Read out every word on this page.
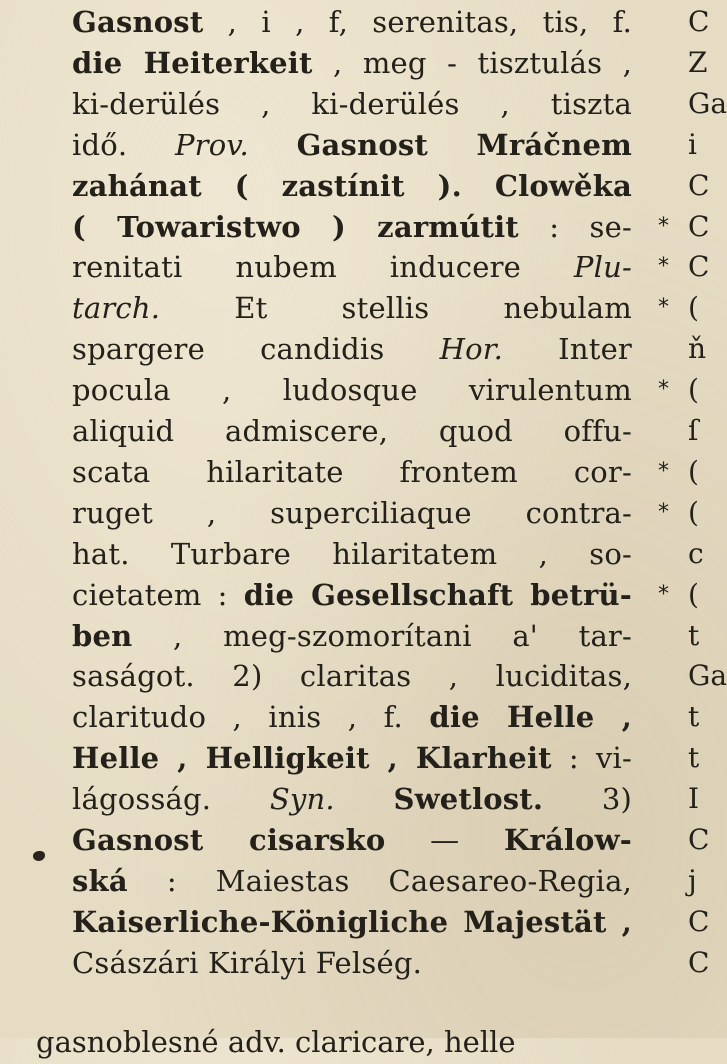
Gasnost , i , f, serenitas, tis, f.
die Heiterkeit , meg - tisztulás ,
ki-derülés , ki-derülés , tiszta
idő. Prov. Gasnost Mráčnem
zahánat ( zastínit ). Clowěka
( Towaristwo ) zarmútit : se-
renitati nubem inducere Plu-
tarch. Et stellis nebulam
spargere candidis Hor. Inter
pocula , ludosque virulentum
aliquid admiscere, quod offu-
scata hilaritate frontem cor-
ruget , superciliaque contra-
hat. Turbare hilaritatem , so-
cietatem : die Gesellschaft betrü-
ben , meg-szomorítani a' tar-
saságot. 2) claritas , luciditas,
claritudo , inis , f. die Helle ,
Helle , Helligkeit , Klarheit : vi-
lágosság. Syn. Swetlost. 3)
Gasnost cisarsko — Králow-
ská : Maiestas Caesareo-Regia,
Kaiserliche-Königliche Majestät ,
Császári Királyi Felség.
gasnoblesné adv. claricare, helle
C
Z
Ga
i
C
* C
* C
* (
ň
* (
ſ
* (
* (
c
* (
t
Ga
t
t
I
C
j
C
C
